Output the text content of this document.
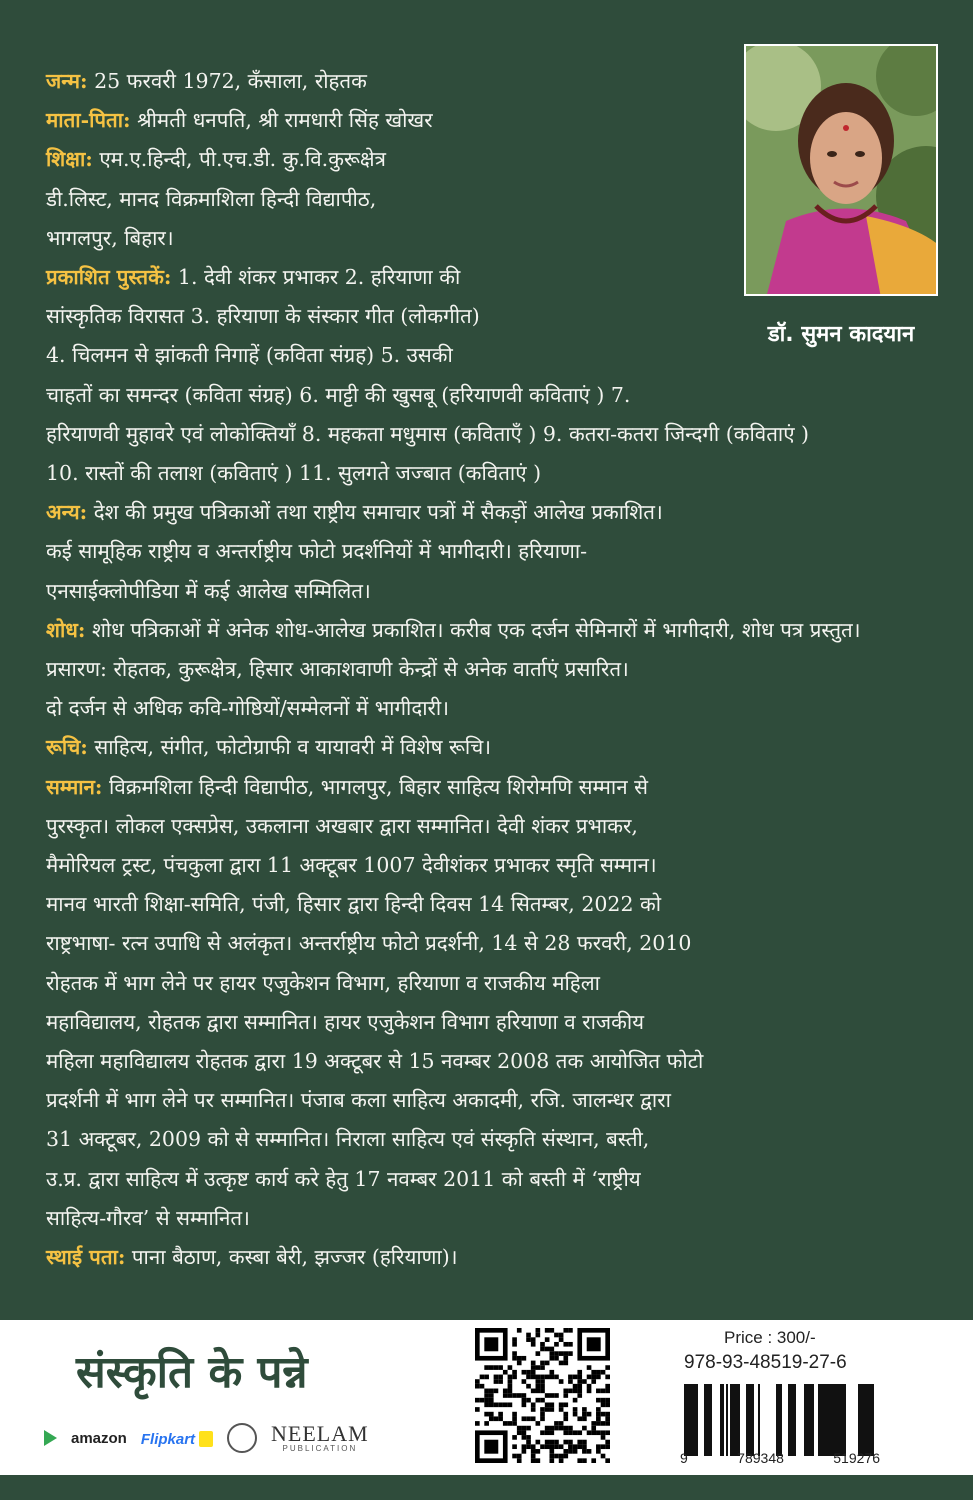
जन्म: 25 फरवरी 1972, कँसाला, रोहतक
माता-पिता: श्रीमती धनपति, श्री रामधारी सिंह खोखर
शिक्षा: एम.ए.हिन्दी, पी.एच.डी. कु.वि.कुरूक्षेत्र
डी.लिस्ट, मानद विक्रमाशिला हिन्दी विद्यापीठ,
भागलपुर, बिहार।
प्रकाशित पुस्तकें: 1. देवी शंकर प्रभाकर 2. हरियाणा की
सांस्कृतिक विरासत 3. हरियाणा के संस्कार गीत (लोकगीत)
4. चिलमन से झांकती निगाहें (कविता संग्रह) 5. उसकी
चाहतों का समन्दर (कविता संग्रह) 6. माट्टी की खुसबू (हरियाणवी कविताएं ) 7.
हरियाणवी मुहावरे एवं लोकोक्तियाँ 8. महकता मधुमास (कविताएँ ) 9. कतरा-कतरा जिन्दगी (कविताएं )
10. रास्तों की तलाश (कविताएं ) 11. सुलगते जज्बात (कविताएं )
अन्य: देश की प्रमुख पत्रिकाओं तथा राष्ट्रीय समाचार पत्रों में सैकड़ों आलेख प्रकाशित।
कई सामूहिक राष्ट्रीय व अन्तर्राष्ट्रीय फोटो प्रदर्शनियों में भागीदारी। हरियाणा-
एनसाईक्लोपीडिया में कई आलेख सम्मिलित।
शोध: शोध पत्रिकाओं में अनेक शोध-आलेख प्रकाशित। करीब एक दर्जन सेमिनारों में भागीदारी, शोध पत्र प्रस्तुत।
प्रसारण: रोहतक, कुरूक्षेत्र, हिसार आकाशवाणी केन्द्रों से अनेक वार्ताएं प्रसारित।
दो दर्जन से अधिक कवि-गोष्ठियों/सम्मेलनों में भागीदारी।
रूचि: साहित्य, संगीत, फोटोग्राफी व यायावरी में विशेष रूचि।
सम्मान: विक्रमशिला हिन्दी विद्यापीठ, भागलपुर, बिहार साहित्य शिरोमणि सम्मान से
पुरस्कृत। लोकल एक्सप्रेस, उकलाना अखबार द्वारा सम्मानित। देवी शंकर प्रभाकर,
मैमोरियल ट्रस्ट, पंचकुला द्वारा 11 अक्टूबर 1007 देवीशंकर प्रभाकर स्मृति सम्मान।
मानव भारती शिक्षा-समिति, पंजी, हिसार द्वारा हिन्दी दिवस 14 सितम्बर, 2022 को
राष्ट्रभाषा- रत्न उपाधि से अलंकृत। अन्तर्राष्ट्रीय फोटो प्रदर्शनी, 14 से 28 फरवरी, 2010
रोहतक में भाग लेने पर हायर एजुकेशन विभाग, हरियाणा व राजकीय महिला
महाविद्यालय, रोहतक द्वारा सम्मानित। हायर एजुकेशन विभाग हरियाणा व राजकीय
महिला महाविद्यालय रोहतक द्वारा 19 अक्टूबर से 15 नवम्बर 2008 तक आयोजित फोटो
प्रदर्शनी में भाग लेने पर सम्मानित। पंजाब कला साहित्य अकादमी, रजि. जालन्धर द्वारा
31 अक्टूबर, 2009 को से सम्मानित। निराला साहित्य एवं संस्कृति संस्थान, बस्ती,
उ.प्र. द्वारा साहित्य में उत्कृष्ट कार्य करे हेतु 17 नवम्बर 2011 को बस्ती में ‘राष्ट्रीय
साहित्य-गौरव’ से सम्मानित।
स्थाई पता: पाना बैठाण, कस्बा बेरी, झज्जर (हरियाणा)।
डॉ. सुमन कादयान
संस्कृति के पन्ने
amazon Flipkart	NEELAM
PUBLICATION
Price : 300/-
978-93-48519-27-6
9	789348	519276
